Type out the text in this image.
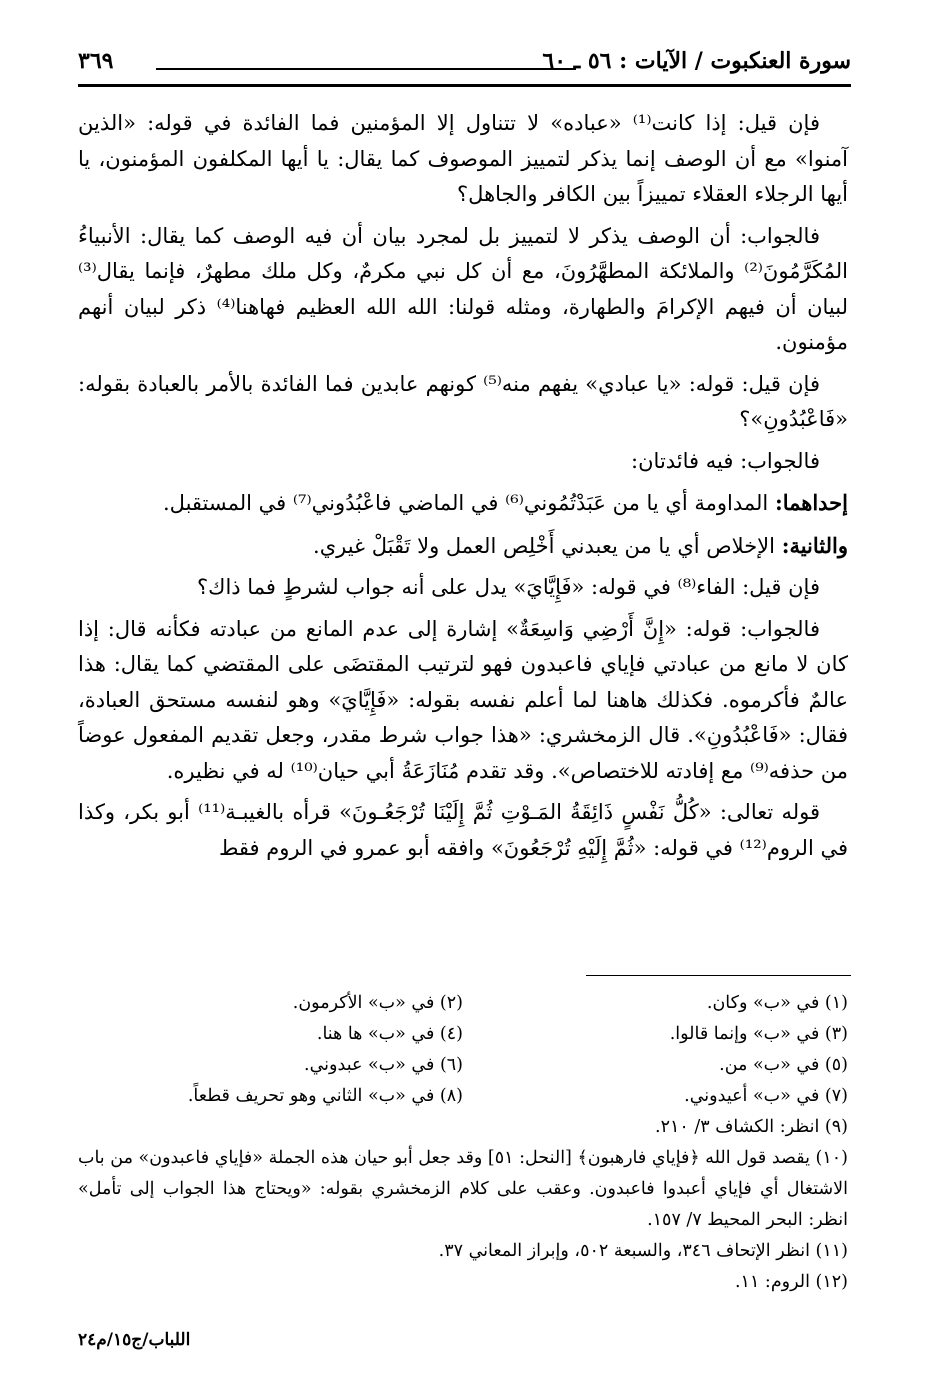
٣٦٩	سورة العنكبوت / الآيات : ٥٦ ـ ٦٠

فإن قيل: إذا كانت⁽¹⁾ «عباده» لا تتناول إلا المؤمنين فما الفائدة في قوله: «الذين آمنوا» مع أن الوصف إنما يذكر لتمييز الموصوف كما يقال: يا أيها المكلفون المؤمنون، يا أيها الرجلاء العقلاء تمييزاً بين الكافر والجاهل؟

فالجواب: أن الوصف يذكر لا لتمييز بل لمجرد بيان أن فيه الوصف كما يقال: الأنبياءُ المُكَرَّمُونَ⁽²⁾ والملائكة المطهَّرُونَ، مع أن كل نبي مكرمٌ، وكل ملك مطهرٌ، فإنما يقال⁽³⁾ لبيان أن فيهم الإكرامَ والطهارة، ومثله قولنا: الله الله العظيم فهاهنا⁽⁴⁾ ذكر لبيان أنهم مؤمنون.

فإن قيل: قوله: «يا عبادي» يفهم منه⁽⁵⁾ كونهم عابدين فما الفائدة بالأمر بالعبادة بقوله: «فَاعْبُدُونِ»؟

فالجواب: فيه فائدتان:

إحداهما: المداومة أي يا من عَبَدْتُمُوني⁽⁶⁾ في الماضي فاعْبُدُوني⁽⁷⁾ في المستقبل.

والثانية: الإخلاص أي يا من يعبدني أَخْلِص العمل ولا تَقْبَلْ غيري.

فإن قيل: الفاء⁽⁸⁾ في قوله: «فَإِيَّايَ» يدل على أنه جواب لشرطٍ فما ذاك؟

فالجواب: قوله: «إِنَّ أَرْضِي وَاسِعَةٌ» إشارة إلى عدم المانع من عبادته فكأنه قال: إذا كان لا مانع من عبادتي فإياي فاعبدون فهو لترتيب المقتضَى على المقتضي كما يقال: هذا عالمٌ فأكرموه. فكذلك هاهنا لما أعلم نفسه بقوله: «فَإِيَّايَ» وهو لنفسه مستحق العبادة، فقال: «فَاعْبُدُونِ». قال الزمخشري: «هذا جواب شرط مقدر، وجعل تقديم المفعول عوضاً من حذفه⁽⁹⁾ مع إفادته للاختصاص». وقد تقدم مُنَازَعَةُ أبي حيان⁽¹⁰⁾ له في نظيره.

قوله تعالى: «كُلُّ نَفْسٍ ذَائِقَةُ المَـوْتِ ثُمَّ إِلَيْنَا تُرْجَعُـونَ» قرأه بالغيبـة⁽¹¹⁾ أبو بكر، وكذا في الروم⁽¹²⁾ في قوله: «ثُمَّ إِلَيْهِ تُرْجَعُونَ» وافقه أبو عمرو في الروم فقط

(١) في «ب» وكان.
(٢) في «ب» الأكرمون.
(٣) في «ب» وإنما قالوا.
(٤) في «ب» ها هنا.
(٥) في «ب» من.
(٦) في «ب» عبدوني.
(٧) في «ب» أعيدوني.
(٨) في «ب» الثاني وهو تحريف قطعاً.
(٩) انظر: الكشاف ٣/ ٢١٠.
(١٠) يقصد قول الله ﴿فإياي فارهبون﴾ [النحل: ٥١] وقد جعل أبو حيان هذه الجملة «فإياي فاعبدون» من باب الاشتغال أي فإياي أعبدوا فاعبدون. وعقب على كلام الزمخشري بقوله: «ويحتاج هذا الجواب إلى تأمل» انظر: البحر المحيط ٧/ ١٥٧.
(١١) انظر الإتحاف ٣٤٦، والسبعة ٥٠٢، وإبراز المعاني ٣٧.
(١٢) الروم: ١١.
اللباب/ج١٥/م٢٤
